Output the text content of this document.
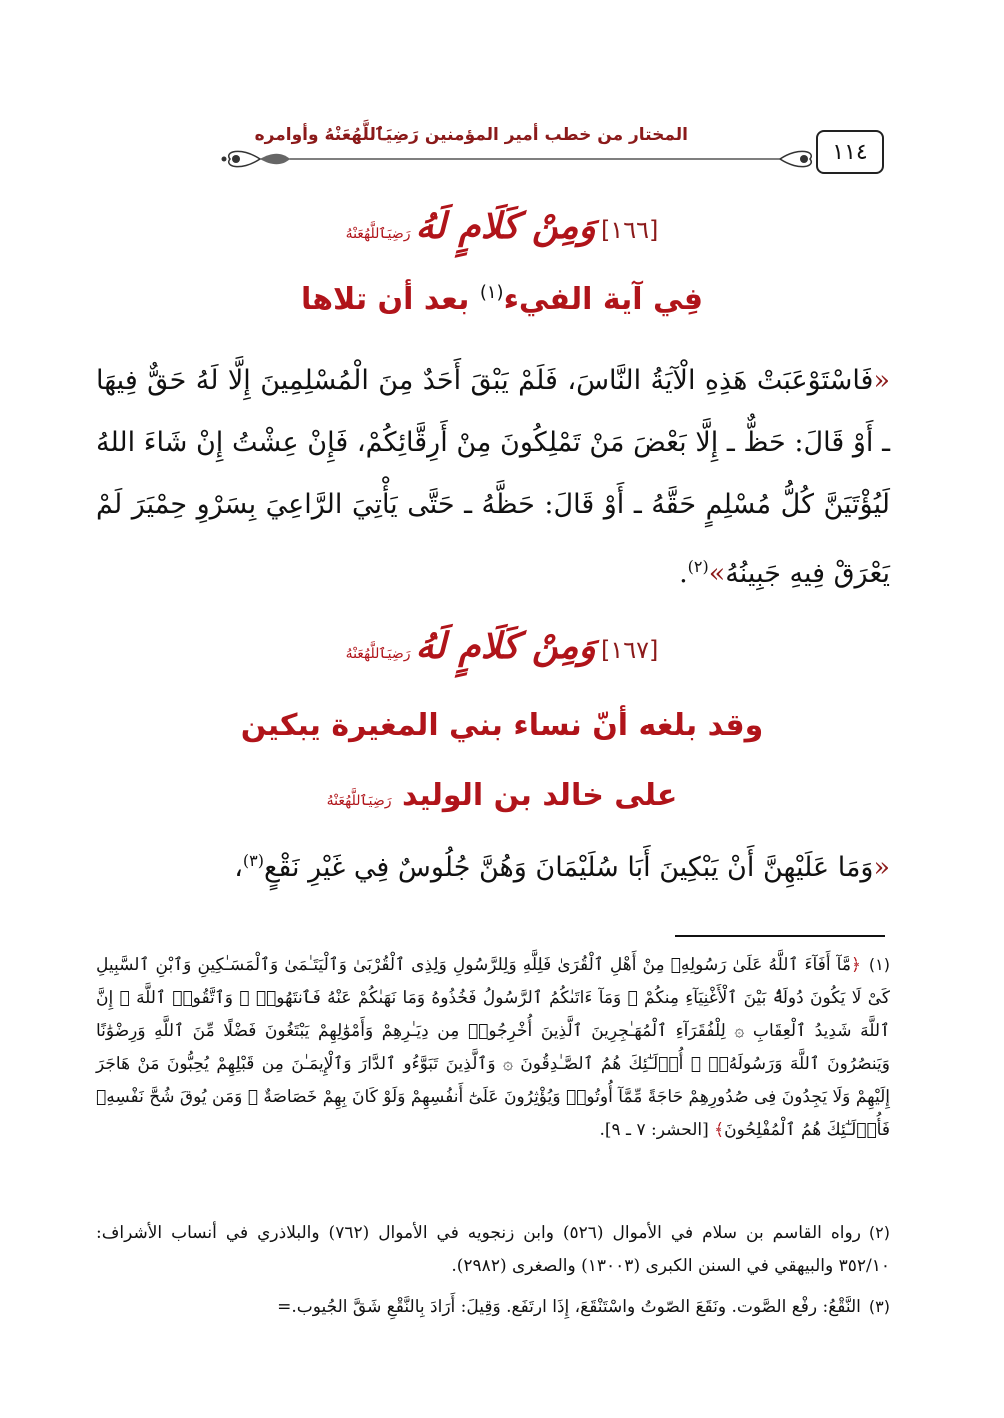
١١٤
المختار من خطب أمير المؤمنين رَضِيَٱللَّهُعَنْهُ وأوامره
[١٦٦] وَمِنْ كَلَامٍ لَهُ رَضِيَٱللَّهُعَنْهُ
فِي آية الفيء$^{(١)}$ بعد أن تلاها
«فَاسْتَوْعَبَتْ هَذِهِ الْآيَةُ النَّاسَ، فَلَمْ يَبْقَ أَحَدٌ مِنَ الْمُسْلِمِينَ إِلَّا لَهُ حَقٌّ فِيهَا ـ أَوْ قَالَ: حَظٌّ ـ إِلَّا بَعْضَ مَنْ تَمْلِكُونَ مِنْ أَرِقَّائِكُمْ، فَإِنْ عِشْتُ إِنْ شَاءَ اللهُ لَيُؤْتَيَنَّ كُلُّ مُسْلِمٍ حَقَّهُ ـ أَوْ قَالَ: حَظَّهُ ـ حَتَّى يَأْتِيَ الرَّاعِيَ بِسَرْوِ حِمْيَرَ لَمْ يَعْرَقْ فِيهِ جَبِينُهُ»$^{(٢)}$.
[١٦٧] وَمِنْ كَلَامٍ لَهُ رَضِيَٱللَّهُعَنْهُ
وقد بلغه أنّ نساء بني المغيرة يبكين
على خالد بن الوليد رَضِيَٱللَّهُعَنْهُ
«وَمَا عَلَيْهِنَّ أَنْ يَبْكِينَ أَبَا سُلَيْمَانَ وَهُنَّ جُلُوسٌ فِي غَيْرِ نَقْعٍ$^{(٣)}$،
(١)﴿مَّآ أَفَآءَ ٱللَّهُ عَلَىٰ رَسُولِهِۦ مِنْ أَهْلِ ٱلْقُرَىٰ فَلِلَّهِ وَلِلرَّسُولِ وَلِذِى ٱلْقُرْبَىٰ وَٱلْيَتَـٰمَىٰ وَٱلْمَسَـٰكِينِ وَٱبْنِ ٱلسَّبِيلِ كَىْ لَا يَكُونَ دُولَةًۢ بَيْنَ ٱلْأَغْنِيَآءِ مِنكُمْ ۚ وَمَآ ءَاتَىٰكُمُ ٱلرَّسُولُ فَخُذُوهُ وَمَا نَهَىٰكُمْ عَنْهُ فَٱنتَهُوا۟ ۚ وَٱتَّقُوا۟ ٱللَّهَ ۖ إِنَّ ٱللَّهَ شَدِيدُ ٱلْعِقَابِ ۞ لِلْفُقَرَآءِ ٱلْمُهَـٰجِرِينَ ٱلَّذِينَ أُخْرِجُوا۟ مِن دِيَـٰرِهِمْ وَأَمْوَٰلِهِمْ يَبْتَغُونَ فَضْلًا مِّنَ ٱللَّهِ وَرِضْوَٰنًا وَيَنصُرُونَ ٱللَّهَ وَرَسُولَهُۥٓ ۚ أُو۟لَـٰٓئِكَ هُمُ ٱلصَّـٰدِقُونَ ۞ وَٱلَّذِينَ تَبَوَّءُو ٱلدَّارَ وَٱلْإِيمَـٰنَ مِن قَبْلِهِمْ يُحِبُّونَ مَنْ هَاجَرَ إِلَيْهِمْ وَلَا يَجِدُونَ فِى صُدُورِهِمْ حَاجَةً مِّمَّآ أُوتُوا۟ وَيُؤْثِرُونَ عَلَىٰٓ أَنفُسِهِمْ وَلَوْ كَانَ بِهِمْ خَصَاصَةٌ ۚ وَمَن يُوقَ شُحَّ نَفْسِهِۦ فَأُو۟لَـٰٓئِكَ هُمُ ٱلْمُفْلِحُونَ﴾ [الحشر: ٧ ـ ٩].
(٢)رواه القاسم بن سلام في الأموال (٥٢٦) وابن زنجويه في الأموال (٧٦٢) والبلاذري في أنساب الأشراف: ٣٥٢/١٠ والبيهقي في السنن الكبرى (١٣٠٠٣) والصغرى (٢٩٨٢).
(٣)النَّقْعُ: رفْع الصَّوت. ونَقَعَ الصّوتُ واسْتَنْقَعَ، إِذَا ارتَفَع. وَقِيلَ: أَرَادَ بِالنَّقْعِ شَقَّ الجُيوب.=
